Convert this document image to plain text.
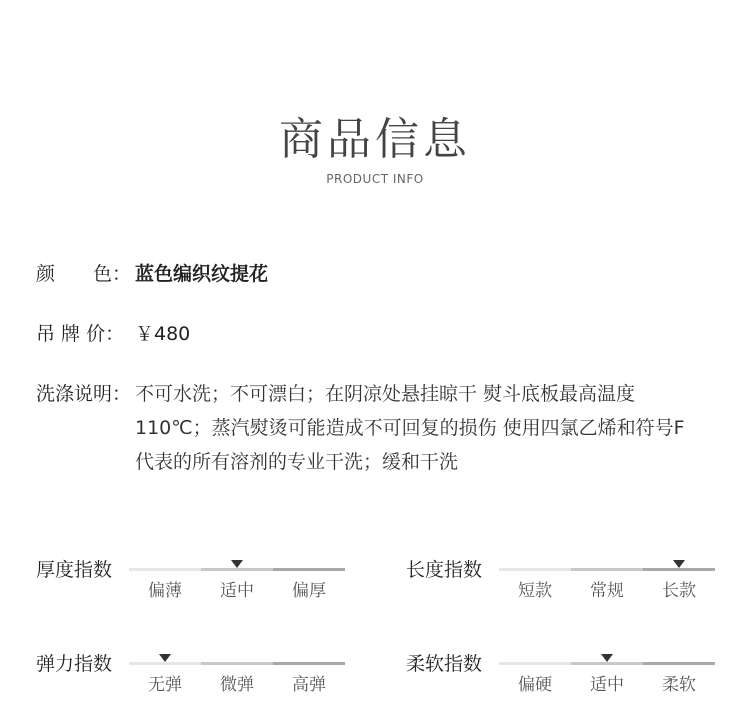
商品信息
PRODUCT INFO
颜　　色： 蓝色编织纹提花
吊 牌 价： ￥480
洗涤说明： 不可水洗；不可漂白；在阴凉处悬挂晾干 熨斗底板最高温度
110℃；蒸汽熨烫可能造成不可回复的损伤 使用四氯乙烯和符号F
代表的所有溶剂的专业干洗；缓和干洗
厚度指数
偏薄	适中	偏厚
长度指数
短款	常规	长款
弹力指数
无弹	微弹	高弹
柔软指数
偏硬	适中	柔软
